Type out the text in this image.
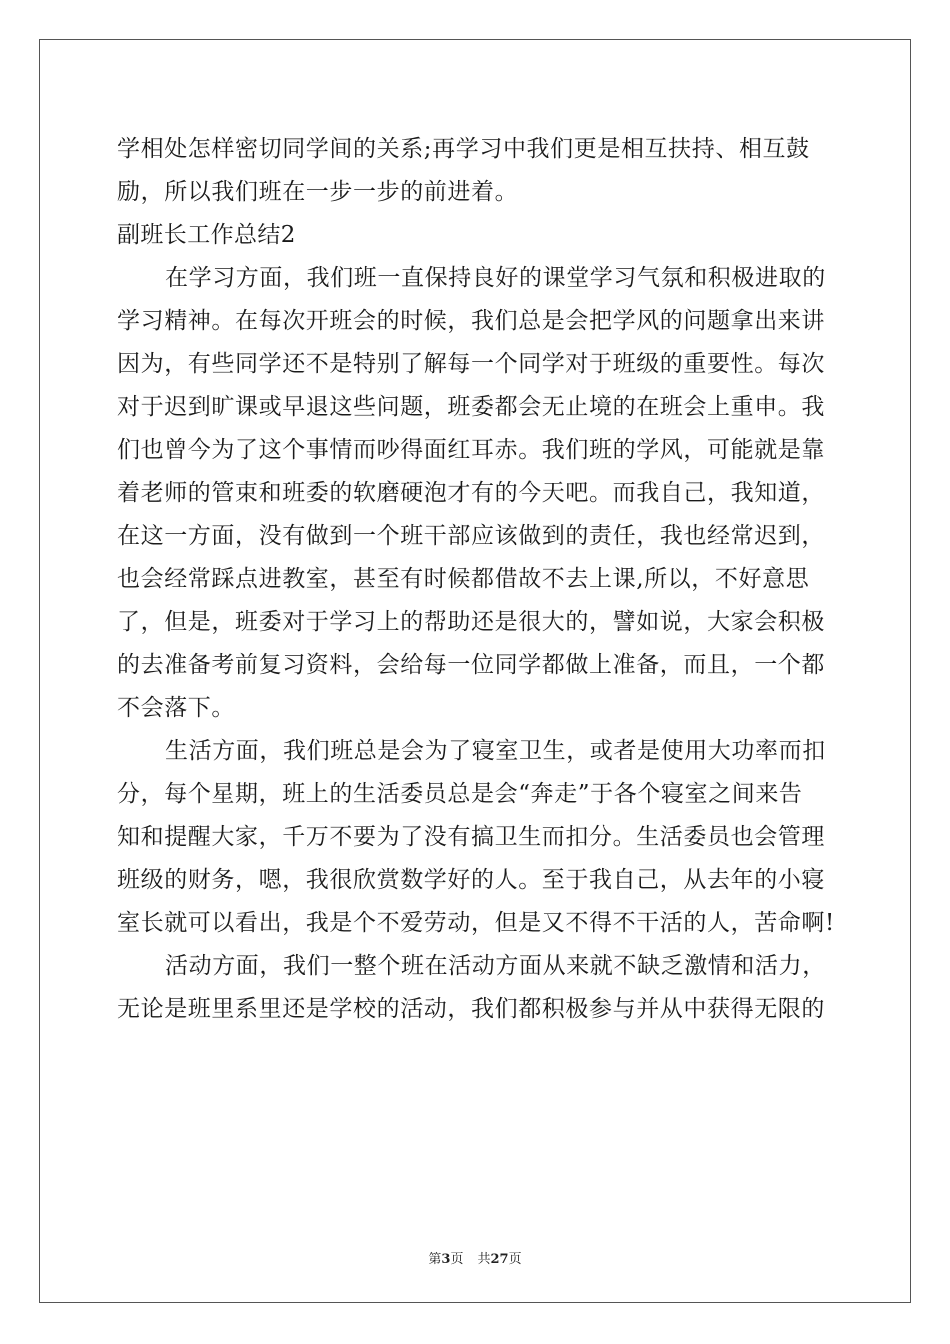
学相处怎样密切同学间的关系;再学习中我们更是相互扶持、相互鼓
励，所以我们班在一步一步的前进着。
副班长工作总结2
在学习方面，我们班一直保持良好的课堂学习气氛和积极进取的
学习精神。在每次开班会的时候，我们总是会把学风的问题拿出来讲
因为，有些同学还不是特别了解每一个同学对于班级的重要性。每次
对于迟到旷课或早退这些问题，班委都会无止境的在班会上重申。我
们也曾今为了这个事情而吵得面红耳赤。我们班的学风，可能就是靠
着老师的管束和班委的软磨硬泡才有的今天吧。而我自己，我知道，
在这一方面，没有做到一个班干部应该做到的责任，我也经常迟到，
也会经常踩点进教室，甚至有时候都借故不去上课,所以，不好意思
了，但是，班委对于学习上的帮助还是很大的，譬如说，大家会积极
的去准备考前复习资料，会给每一位同学都做上准备，而且，一个都
不会落下。
生活方面，我们班总是会为了寝室卫生，或者是使用大功率而扣
分，每个星期，班上的生活委员总是会“奔走”于各个寝室之间来告
知和提醒大家，千万不要为了没有搞卫生而扣分。生活委员也会管理
班级的财务，嗯，我很欣赏数学好的人。至于我自己，从去年的小寝
室长就可以看出，我是个不爱劳动，但是又不得不干活的人，苦命啊!
活动方面，我们一整个班在活动方面从来就不缺乏激情和活力，
无论是班里系里还是学校的活动，我们都积极参与并从中获得无限的
第3页 共27页
